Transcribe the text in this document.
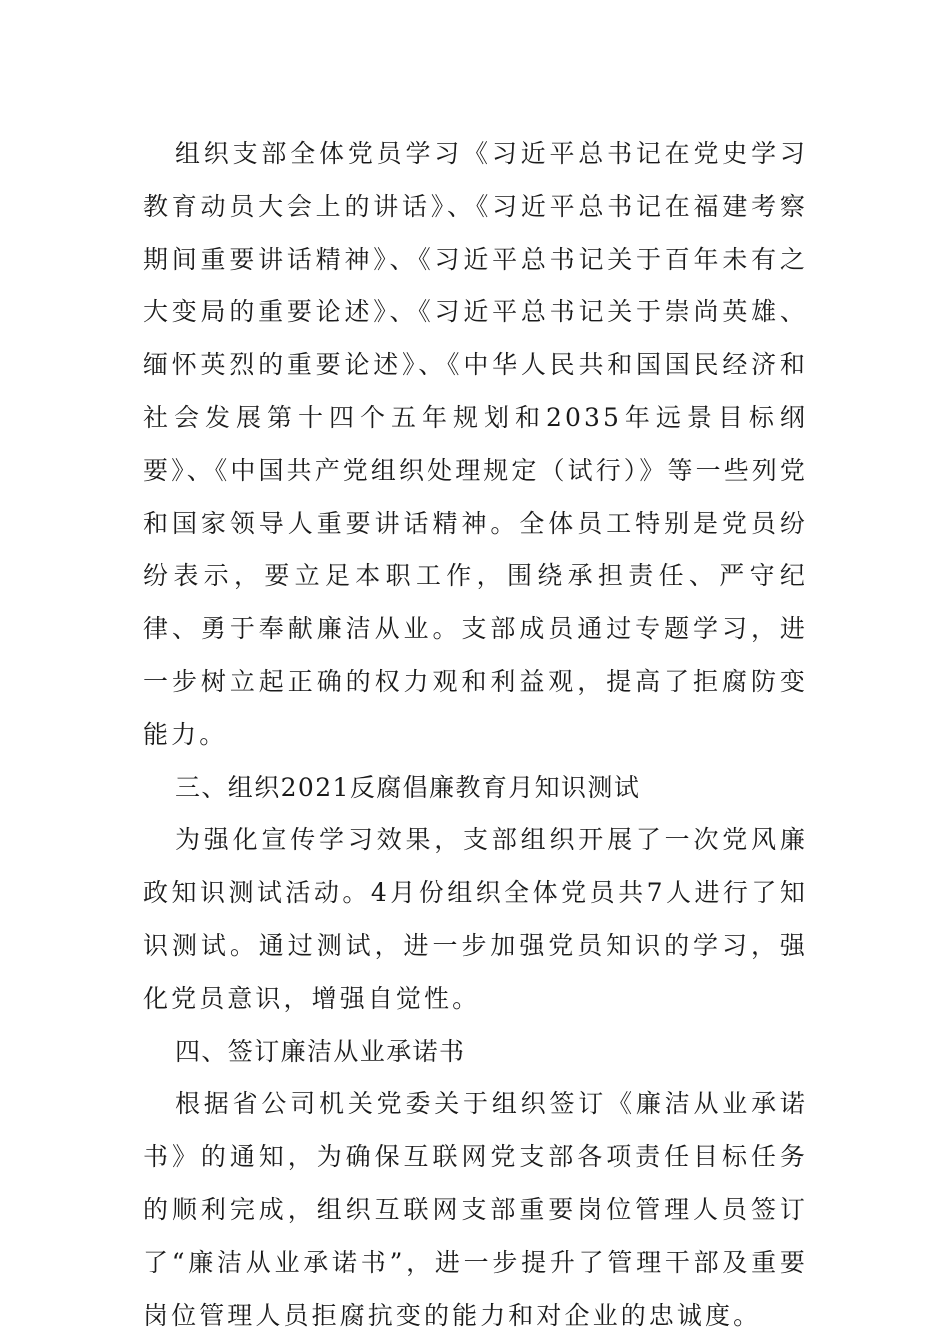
组织支部全体党员学习《习近平总书记在党史学习教育动员大会上的讲话》、《习近平总书记在福建考察期间重要讲话精神》、《习近平总书记关于百年未有之大变局的重要论述》、《习近平总书记关于崇尚英雄、缅怀英烈的重要论述》、《中华人民共和国国民经济和社会发展第十四个五年规划和2035年远景目标纲要》、《中国共产党组织处理规定（试行）》等一些列党和国家领导人重要讲话精神。全体员工特别是党员纷纷表示，要立足本职工作，围绕承担责任、严守纪律、勇于奉献廉洁从业。支部成员通过专题学习，进一步树立起正确的权力观和利益观，提高了拒腐防变能力。

三、组织2021反腐倡廉教育月知识测试

为强化宣传学习效果，支部组织开展了一次党风廉政知识测试活动。4月份组织全体党员共7人进行了知识测试。通过测试，进一步加强党员知识的学习，强化党员意识，增强自觉性。

四、签订廉洁从业承诺书

根据省公司机关党委关于组织签订《廉洁从业承诺书》的通知，为确保互联网党支部各项责任目标任务的顺利完成，组织互联网支部重要岗位管理人员签订了“廉洁从业承诺书”，进一步提升了管理干部及重要岗位管理人员拒腐抗变的能力和对企业的忠诚度。
